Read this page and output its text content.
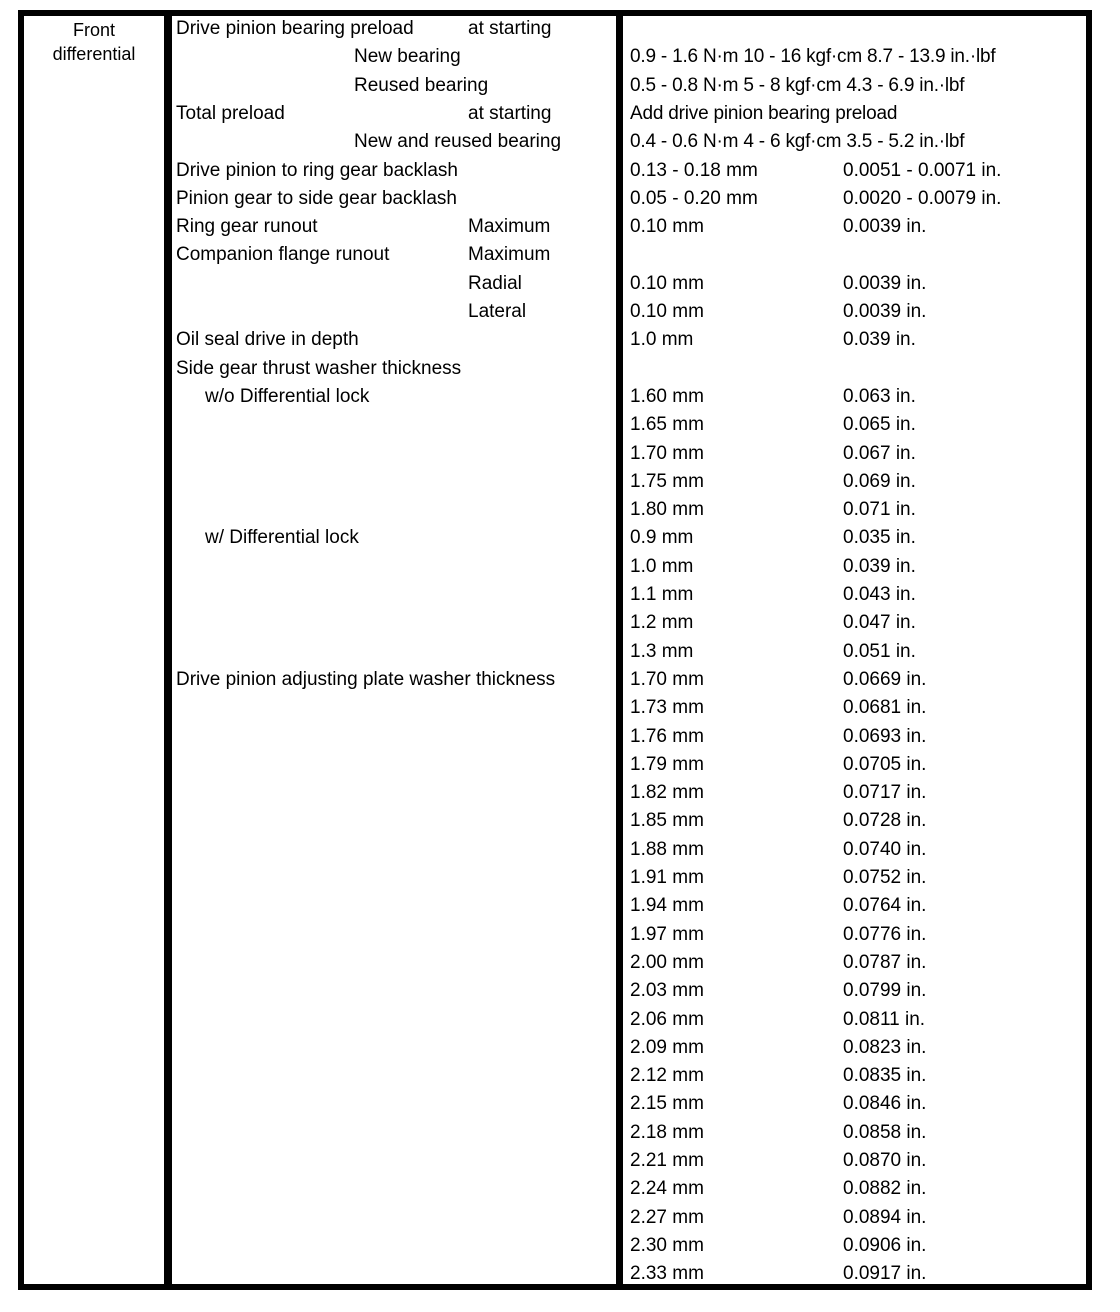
Front
differential
Drive pinion bearing preload	at starting
New bearing	0.9 - 1.6 N·m 10 - 16 kgf·cm 8.7 - 13.9 in.·lbf
Reused bearing	0.5 - 0.8 N·m 5 - 8 kgf·cm 4.3 - 6.9 in.·lbf
Total preload	at starting	Add drive pinion bearing preload
New and reused bearing	0.4 - 0.6 N·m 4 - 6 kgf·cm 3.5 - 5.2 in.·lbf
Drive pinion to ring gear backlash	0.13 - 0.18 mm	0.0051 - 0.0071 in.
Pinion gear to side gear backlash	0.05 - 0.20 mm	0.0020 - 0.0079 in.
Ring gear runout	Maximum	0.10 mm	0.0039 in.
Companion flange runout	Maximum
Radial	0.10 mm	0.0039 in.
Lateral	0.10 mm	0.0039 in.
Oil seal drive in depth	1.0 mm	0.039 in.
Side gear thrust washer thickness
w/o Differential lock	1.60 mm	0.063 in.
1.65 mm	0.065 in.
1.70 mm	0.067 in.
1.75 mm	0.069 in.
1.80 mm	0.071 in.
w/ Differential lock	0.9 mm	0.035 in.
1.0 mm	0.039 in.
1.1 mm	0.043 in.
1.2 mm	0.047 in.
1.3 mm	0.051 in.
Drive pinion adjusting plate washer thickness	1.70 mm	0.0669 in.
1.73 mm	0.0681 in.
1.76 mm	0.0693 in.
1.79 mm	0.0705 in.
1.82 mm	0.0717 in.
1.85 mm	0.0728 in.
1.88 mm	0.0740 in.
1.91 mm	0.0752 in.
1.94 mm	0.0764 in.
1.97 mm	0.0776 in.
2.00 mm	0.0787 in.
2.03 mm	0.0799 in.
2.06 mm	0.0811 in.
2.09 mm	0.0823 in.
2.12 mm	0.0835 in.
2.15 mm	0.0846 in.
2.18 mm	0.0858 in.
2.21 mm	0.0870 in.
2.24 mm	0.0882 in.
2.27 mm	0.0894 in.
2.30 mm	0.0906 in.
2.33 mm	0.0917 in.
